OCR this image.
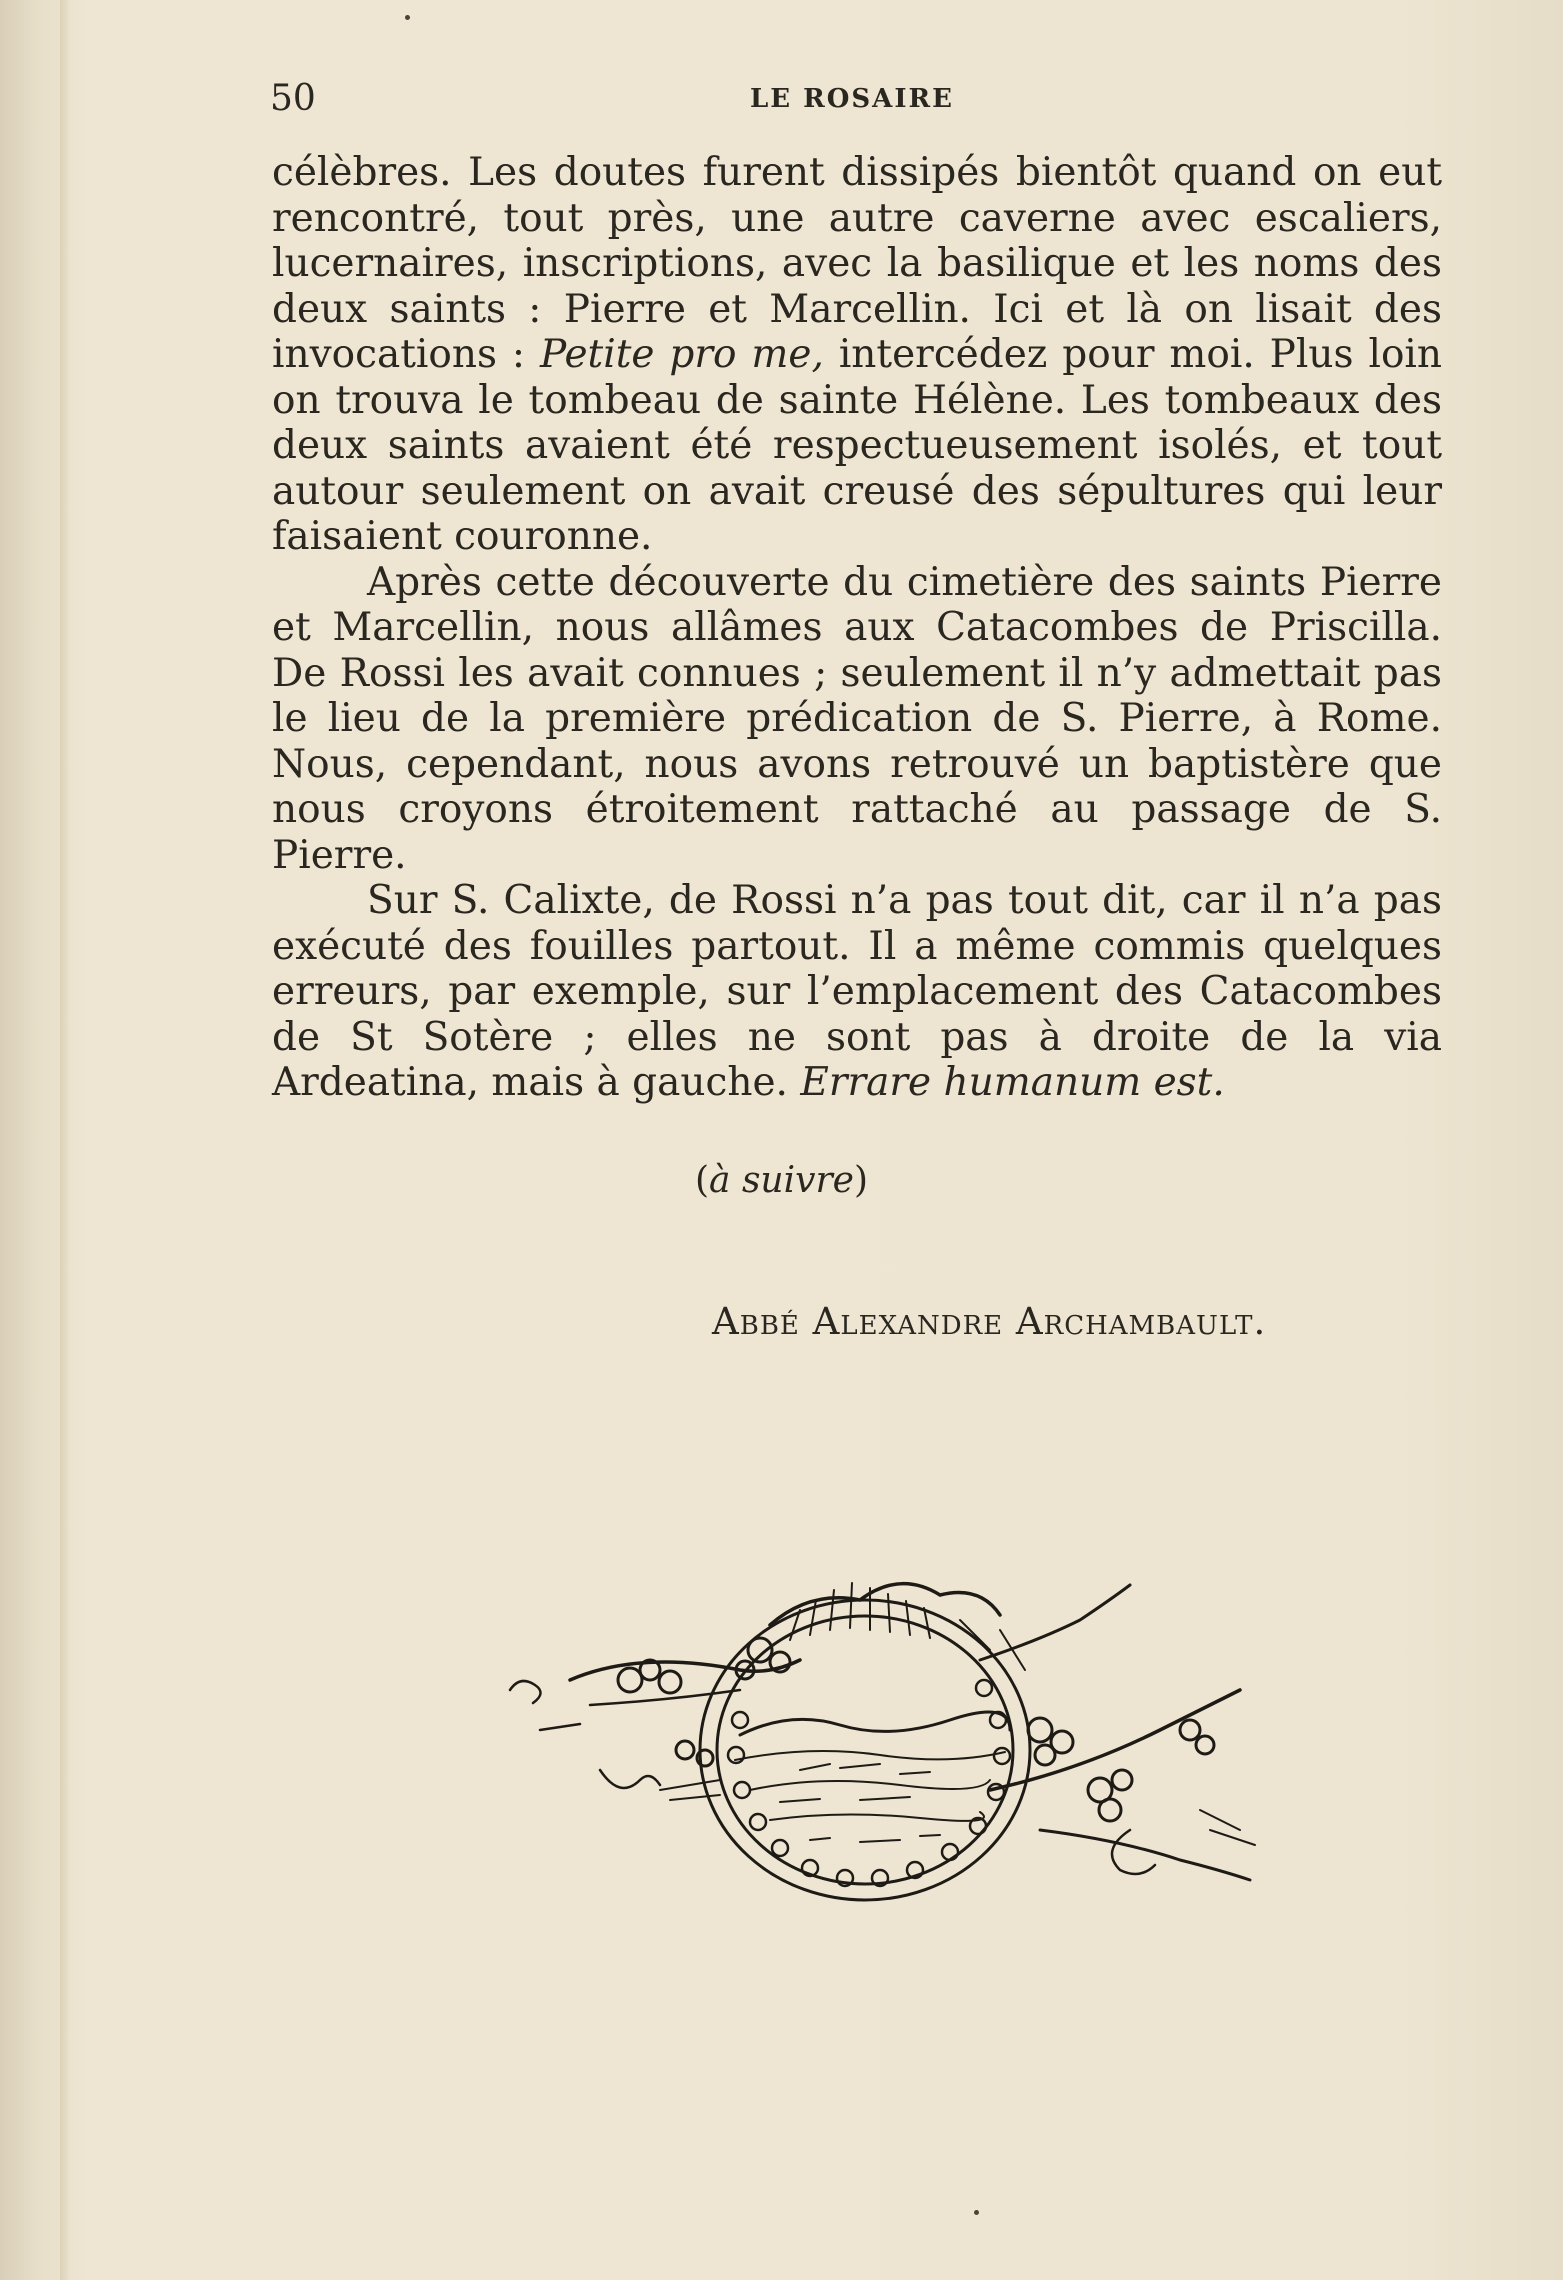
50	LE ROSAIRE

célèbres. Les doutes furent dissipés bientôt quand on eut rencontré, tout près, une autre caverne avec escaliers, lucernaires, inscriptions, avec la basilique et les noms des deux saints : Pierre et Marcellin. Ici et là on lisait des invocations : Petite pro me, intercédez pour moi. Plus loin on trouva le tombeau de sainte Hélène. Les tombeaux des deux saints avaient été respectueusement isolés, et tout autour seulement on avait creusé des sépultures qui leur faisaient couronne.

Après cette découverte du cimetière des saints Pierre et Marcellin, nous allâmes aux Catacombes de Priscilla. De Rossi les avait connues ; seulement il n’y admettait pas le lieu de la première prédication de S. Pierre, à Rome. Nous, cependant, nous avons retrouvé un baptistère que nous croyons étroitement rattaché au passage de S. Pierre.

Sur S. Calixte, de Rossi n’a pas tout dit, car il n’a pas exécuté des fouilles partout. Il a même commis quelques erreurs, par exemple, sur l’emplacement des Catacombes de St Sotère ; elles ne sont pas à droite de la via Ardeatina, mais à gauche. Errare humanum est.

(à suivre)
Abbé Alexandre Archambault.
